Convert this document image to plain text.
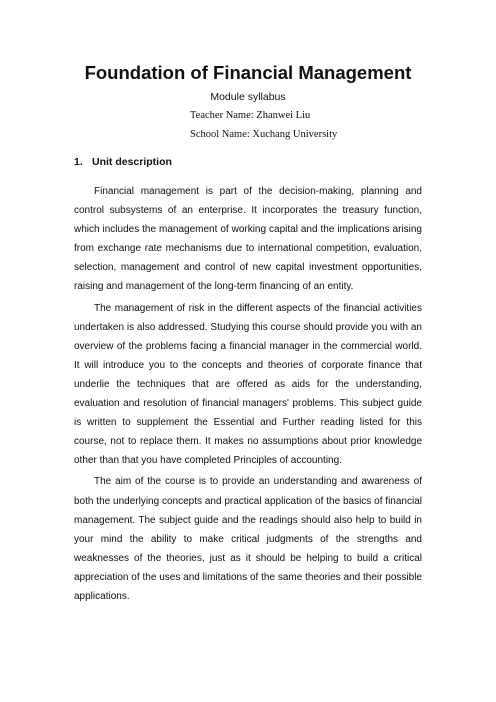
Foundation of Financial Management
Module syllabus
Teacher Name: Zhanwei Liu
School Name: Xuchang University
1. Unit description

Financial management is part of the decision-making, planning and control subsystems of an enterprise. It incorporates the treasury function, which includes the management of working capital and the implications arising from exchange rate mechanisms due to international competition, evaluation, selection, management and control of new capital investment opportunities, raising and management of the long-term financing of an entity.

The management of risk in the different aspects of the financial activities undertaken is also addressed. Studying this course should provide you with an overview of the problems facing a financial manager in the commercial world. It will introduce you to the concepts and theories of corporate finance that underlie the techniques that are offered as aids for the understanding, evaluation and resolution of financial managers' problems. This subject guide is written to supplement the Essential and Further reading listed for this course, not to replace them. It makes no assumptions about prior knowledge other than that you have completed Principles of accounting.

The aim of the course is to provide an understanding and awareness of both the underlying concepts and practical application of the basics of financial management. The subject guide and the readings should also help to build in your mind the ability to make critical judgments of the strengths and weaknesses of the theories, just as it should be helping to build a critical appreciation of the uses and limitations of the same theories and their possible applications.
